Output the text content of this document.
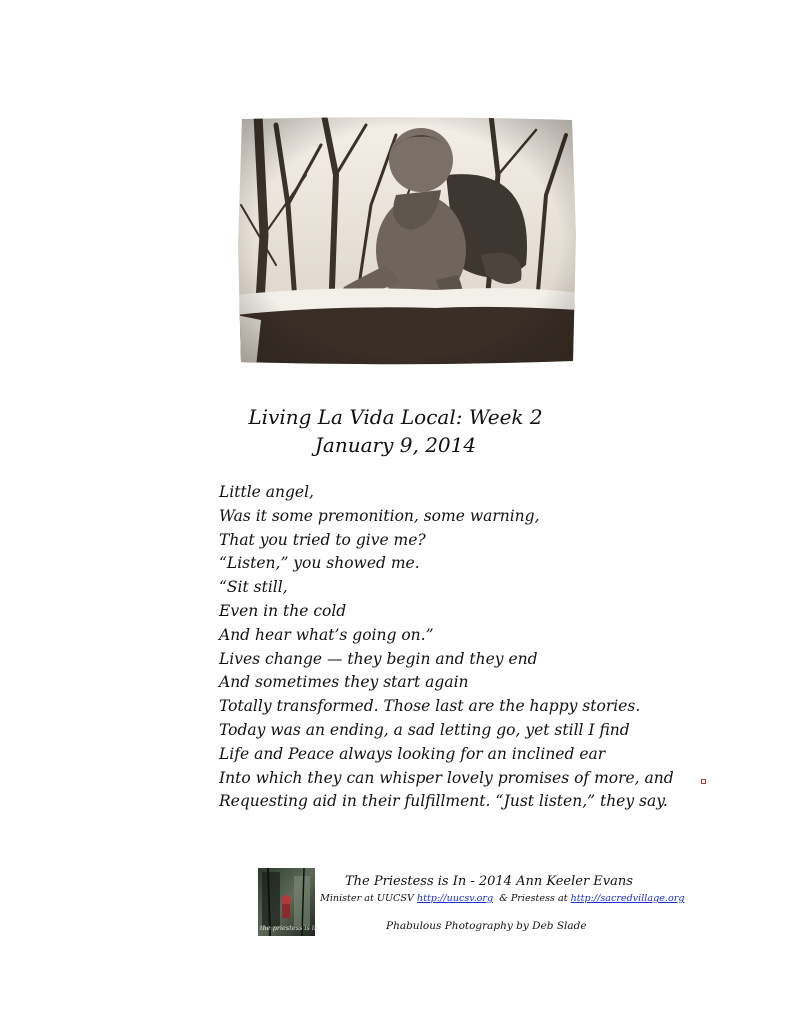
Living La Vida Local: Week 2
January 9, 2014
Little angel,
Was it some premonition, some warning,
That you tried to give me?
“Listen,” you showed me.
“Sit still,
Even in the cold
And hear what’s going on.”
Lives change — they begin and they end
And sometimes they start again
Totally transformed. Those last are the happy stories.
Today was an ending, a sad letting go, yet still I find
Life and Peace always looking for an inclined ear
Into which they can whisper lovely promises of more, and
Requesting aid in their fulfillment. “Just listen,” they say.
the priestess is in
The Priestess is In - 2014 Ann Keeler Evans
Minister at UUCSV http://uucsv.org  & Priestess at http://sacredvillage.org
Phabulous Photography by Deb Slade
